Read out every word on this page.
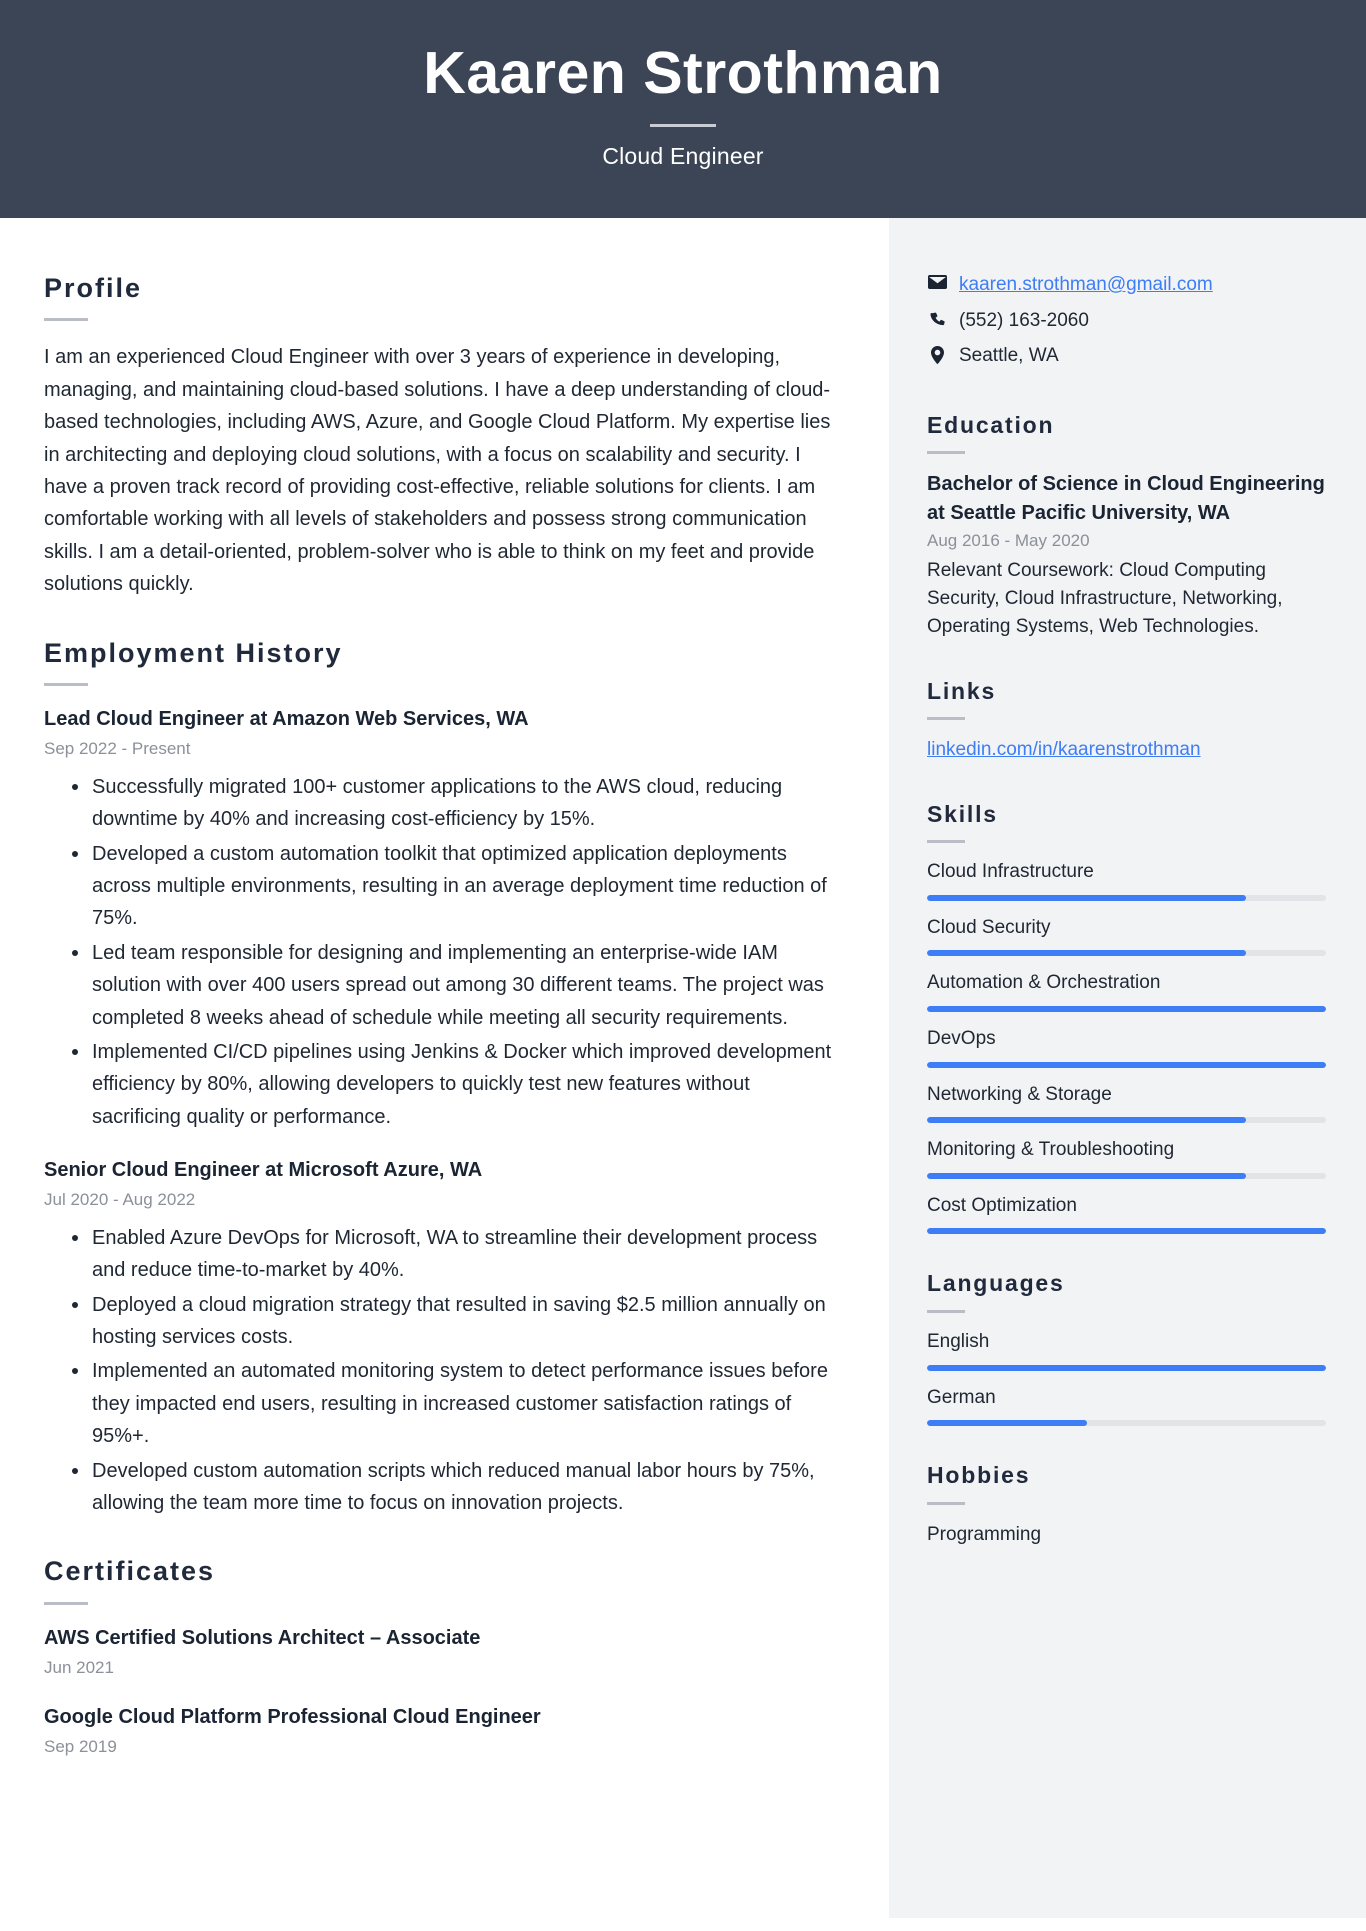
Kaaren Strothman
Cloud Engineer
Profile

I am an experienced Cloud Engineer with over 3 years of experience in developing, managing, and maintaining cloud-based solutions. I have a deep understanding of cloud-based technologies, including AWS, Azure, and Google Cloud Platform. My expertise lies in architecting and deploying cloud solutions, with a focus on scalability and security. I have a proven track record of providing cost-effective, reliable solutions for clients. I am comfortable working with all levels of stakeholders and possess strong communication skills. I am a detail-oriented, problem-solver who is able to think on my feet and provide solutions quickly.

Employment History
Lead Cloud Engineer at Amazon Web Services, WA
Sep 2022 - Present
Successfully migrated 100+ customer applications to the AWS cloud, reducing downtime by 40% and increasing cost-efficiency by 15%.
Developed a custom automation toolkit that optimized application deployments across multiple environments, resulting in an average deployment time reduction of 75%.
Led team responsible for designing and implementing an enterprise-wide IAM solution with over 400 users spread out among 30 different teams. The project was completed 8 weeks ahead of schedule while meeting all security requirements.
Implemented CI/CD pipelines using Jenkins & Docker which improved development efficiency by 80%, allowing developers to quickly test new features without sacrificing quality or performance.
Senior Cloud Engineer at Microsoft Azure, WA
Jul 2020 - Aug 2022
Enabled Azure DevOps for Microsoft, WA to streamline their development process and reduce time-to-market by 40%.
Deployed a cloud migration strategy that resulted in saving $2.5 million annually on hosting services costs.
Implemented an automated monitoring system to detect performance issues before they impacted end users, resulting in increased customer satisfaction ratings of 95%+.
Developed custom automation scripts which reduced manual labor hours by 75%, allowing the team more time to focus on innovation projects.
Certificates
AWS Certified Solutions Architect – Associate
Jun 2021
Google Cloud Platform Professional Cloud Engineer
Sep 2019
kaaren.strothman@gmail.com
(552) 163-2060
Seattle, WA
Education
Bachelor of Science in Cloud Engineering at Seattle Pacific University, WA
Aug 2016 - May 2020
Relevant Coursework: Cloud Computing Security, Cloud Infrastructure, Networking, Operating Systems, Web Technologies.
Links
linkedin.com/in/kaarenstrothman
Skills
Cloud Infrastructure
Cloud Security
Automation & Orchestration
DevOps
Networking & Storage
Monitoring & Troubleshooting
Cost Optimization
Languages
English
German
Hobbies
Programming
